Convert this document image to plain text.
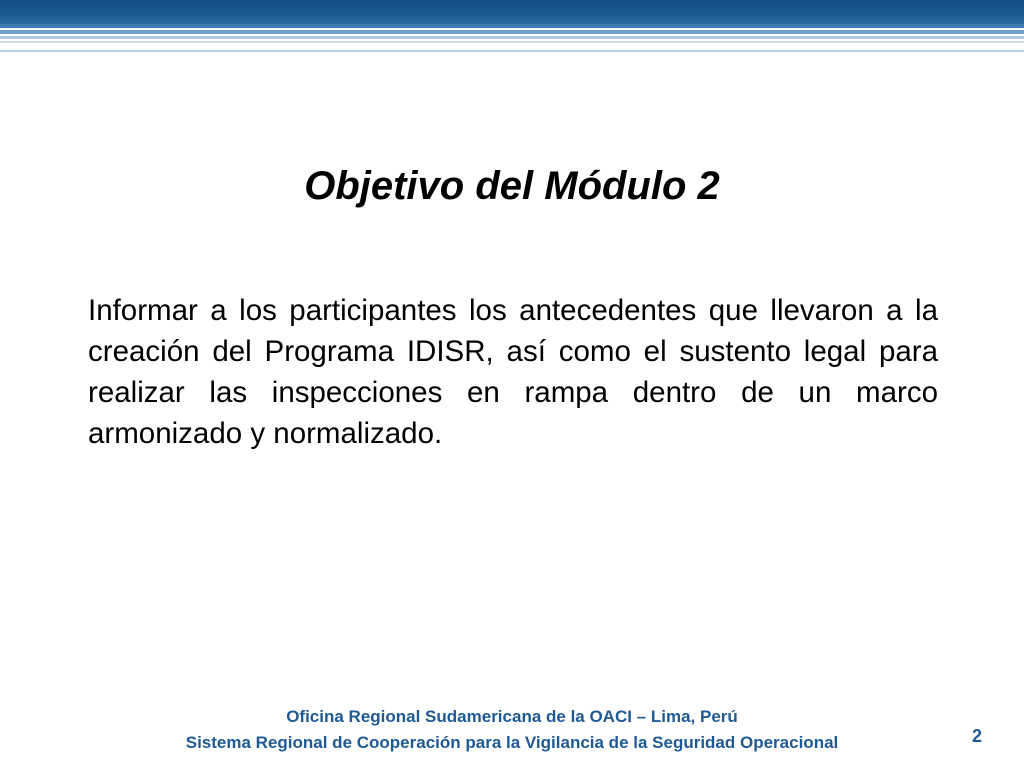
Objetivo del Módulo 2

Informar a los participantes los antecedentes que llevaron a la creación del Programa IDISR, así como el sustento legal para realizar las inspecciones en rampa dentro de un marco armonizado y normalizado.

Oficina Regional Sudamericana de la OACI – Lima, Perú
Sistema Regional de Cooperación para la Vigilancia de la Seguridad Operacional	2
